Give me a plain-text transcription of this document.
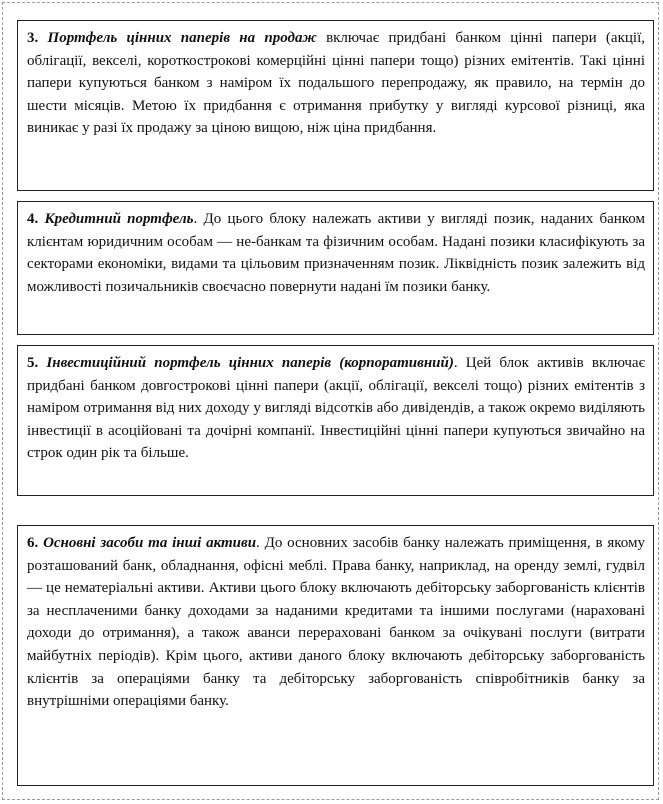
3. Портфель цінних паперів на продаж включає придбані банком цінні папери (акції, облігації, векселі, короткострокові комерційні цінні папери тощо) різних емітентів. Такі цінні папери купуються банком з наміром їх подальшого перепродажу, як правило, на термін до шести місяців. Метою їх придбання є отримання прибутку у вигляді курсової різниці, яка виникає у разі їх продажу за ціною вищою, ніж ціна придбання.
4. Кредитний портфель. До цього блоку належать активи у вигляді позик, наданих банком клієнтам юридичним особам — не-банкам та фізичним особам. Надані позики класифікують за секторами економіки, видами та цільовим призначенням позик. Ліквідність позик залежить від можливості позичальників своєчасно повернути надані їм позики банку.
5. Інвестиційний портфель цінних паперів (корпоративний). Цей блок активів включає придбані банком довгострокові цінні папери (акції, облігації, векселі тощо) різних емітентів з наміром отримання від них доходу у вигляді відсотків або дивідендів, а також окремо виділяють інвестиції в асоційовані та дочірні компанії. Інвестиційні цінні папери купуються звичайно на строк один рік та більше.
6. Основні засоби та інші активи. До основних засобів банку належать приміщення, в якому розташований банк, обладнання, офісні меблі. Права банку, наприклад, на оренду землі, гудвіл — це нематеріальні активи. Активи цього блоку включають дебіторську заборгованість клієнтів за несплаченими банку доходами за наданими кредитами та іншими послугами (нараховані доходи до отримання), а також аванси перераховані банком за очікувані послуги (витрати майбутніх періодів). Крім цього, активи даного блоку включають дебіторську заборгованість клієнтів за операціями банку та дебіторську заборгованість співробітників банку за внутрішніми операціями банку.
